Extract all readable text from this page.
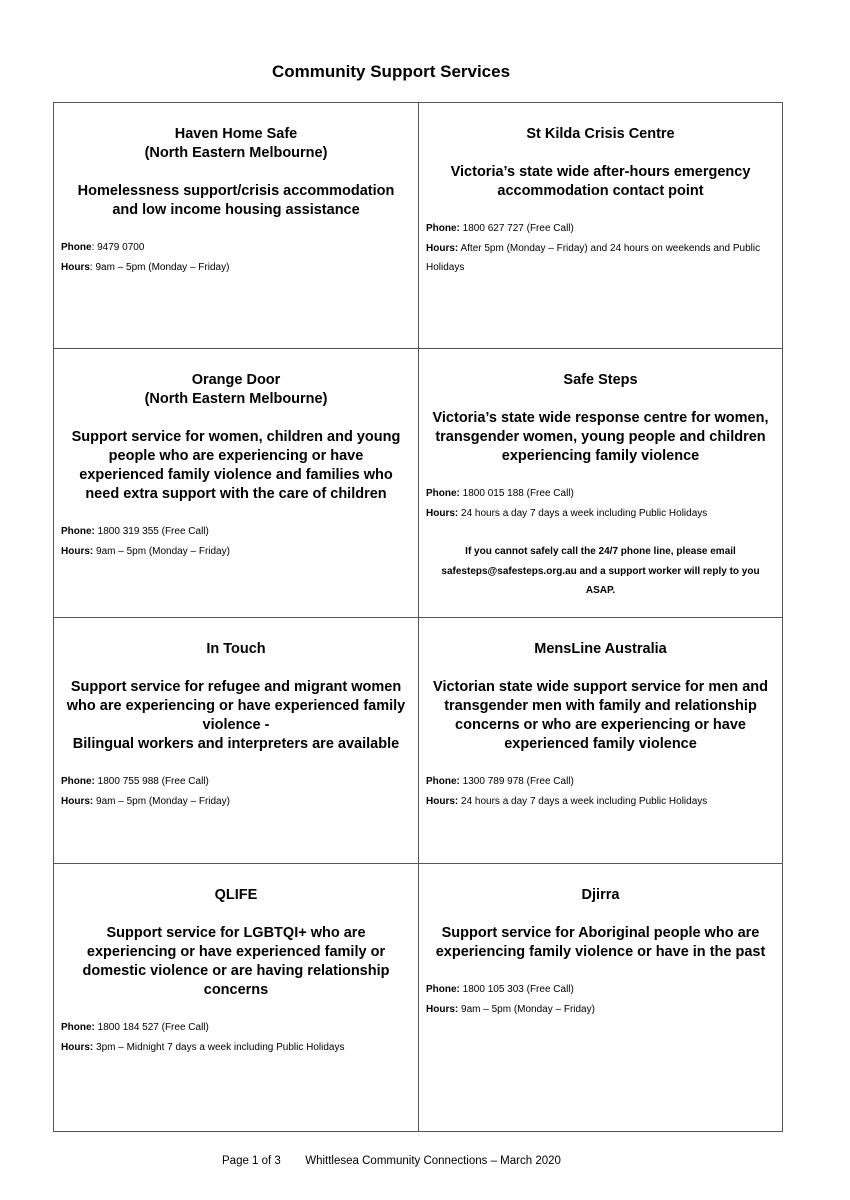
Community Support Services
Haven Home Safe
(North Eastern Melbourne)
Homelessness support/crisis accommodation
and low income housing assistance
Phone: 9479 0700
Hours: 9am – 5pm (Monday – Friday)
St Kilda Crisis Centre
Victoria’s state wide after-hours emergency
accommodation contact point
Phone: 1800 627 727 (Free Call)
Hours: After 5pm (Monday – Friday) and 24 hours on weekends and Public Holidays
Orange Door
(North Eastern Melbourne)
Support service for women, children and young
people who are experiencing or have
experienced family violence and families who
need extra support with the care of children
Phone: 1800 319 355 (Free Call)
Hours: 9am – 5pm (Monday – Friday)
Safe Steps
Victoria’s state wide response centre for women,
transgender women, young people and children
experiencing family violence
Phone: 1800 015 188 (Free Call)
Hours: 24 hours a day 7 days a week including Public Holidays
If you cannot safely call the 24/7 phone line, please email
safesteps@safesteps.org.au and a support worker will reply to you ASAP.
In Touch
Support service for refugee and migrant women
who are experiencing or have experienced family
violence -
Bilingual workers and interpreters are available
Phone: 1800 755 988 (Free Call)
Hours: 9am – 5pm (Monday – Friday)
MensLine Australia
Victorian state wide support service for men and
transgender men with family and relationship
concerns or who are experiencing or have
experienced family violence
Phone: 1300 789 978 (Free Call)
Hours: 24 hours a day 7 days a week including Public Holidays
QLIFE
Support service for LGBTQI+ who are
experiencing or have experienced family or
domestic violence or are having relationship
concerns
Phone: 1800 184 527 (Free Call)
Hours: 3pm – Midnight 7 days a week including Public Holidays
Djirra
Support service for Aboriginal people who are
experiencing family violence or have in the past
Phone: 1800 105 303 (Free Call)
Hours: 9am – 5pm (Monday – Friday)
Page 1 of 3 Whittlesea Community Connections – March 2020
